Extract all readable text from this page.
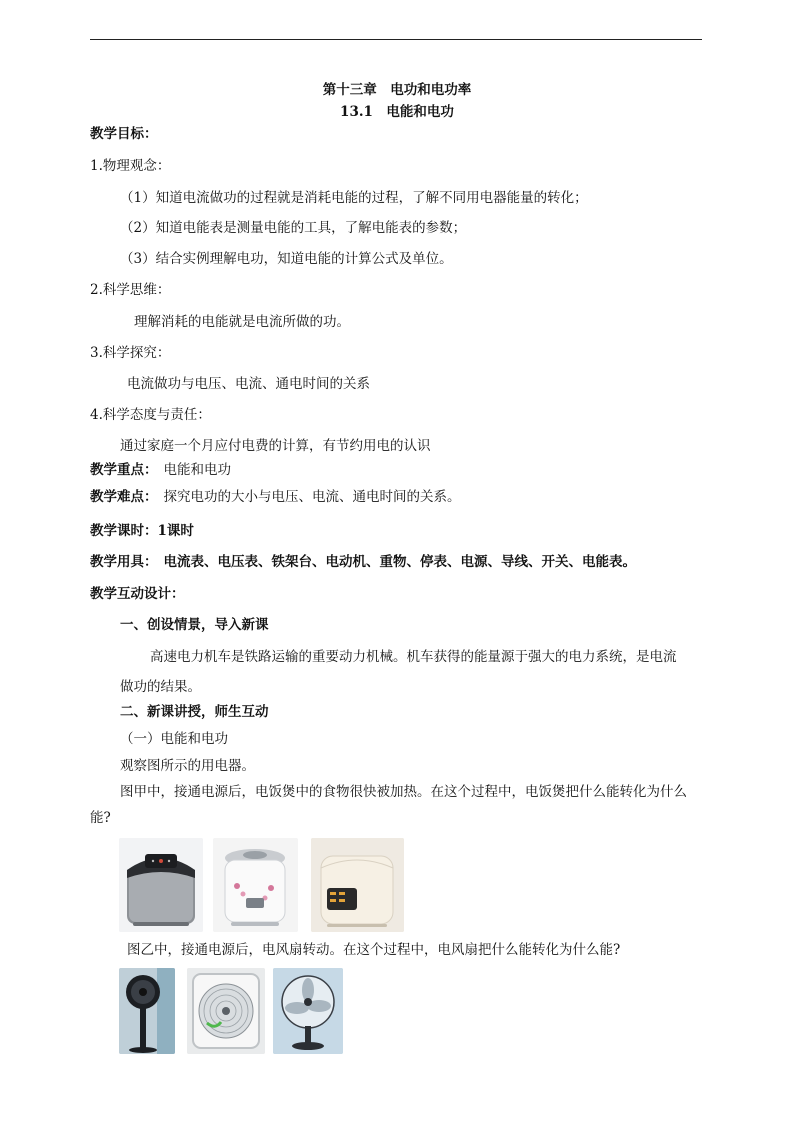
第十三章　电功和电功率
13.1　电能和电功
教学目标：
1.物理观念：
（1）知道电流做功的过程就是消耗电能的过程，了解不同用电器能量的转化；
（2）知道电能表是测量电能的工具，了解电能表的参数；
（3）结合实例理解电功，知道电能的计算公式及单位。
2.科学思维：
理解消耗的电能就是电流所做的功。
3.科学探究：
电流做功与电压、电流、通电时间的关系
4.科学态度与责任：
通过家庭一个月应付电费的计算，有节约用电的认识
教学重点： 电能和电功
教学难点： 探究电功的大小与电压、电流、通电时间的关系。
教学课时：1课时
教学用具： 电流表、电压表、铁架台、电动机、重物、停表、电源、导线、开关、电能表。
教学互动设计：
一、创设情景，导入新课
高速电力机车是铁路运输的重要动力机械。机车获得的能量源于强大的电力系统，是电流
做功的结果。
二、新课讲授，师生互动
（一）电能和电功
观察图所示的用电器。
图甲中，接通电源后，电饭煲中的食物很快被加热。在这个过程中，电饭煲把什么能转化为什么
能?
图乙中，接通电源后，电风扇转动。在这个过程中，电风扇把什么能转化为什么能?
